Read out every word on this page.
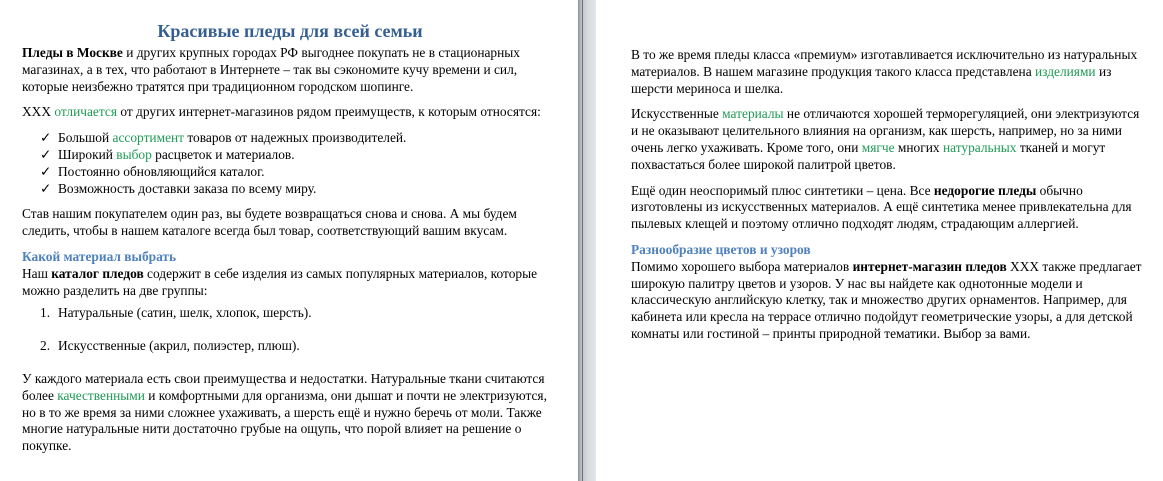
Красивые пледы для всей семьи

Пледы в Москве и других крупных городах РФ выгоднее покупать не в стационарных магазинах, а в тех, что работают в Интернете – так вы сэкономите кучу времени и сил, которые неизбежно тратятся при традиционном городском шопинге.

ХХХ отличается от других интернет-магазинов рядом преимуществ, к которым относятся:

✓ Большой ассортимент товаров от надежных производителей.
✓ Широкий выбор расцветок и материалов.
✓ Постоянно обновляющийся каталог.
✓ Возможность доставки заказа по всему миру.

Став нашим покупателем один раз, вы будете возвращаться снова и снова. А мы будем следить, чтобы в нашем каталоге всегда был товар, соответствующий вашим вкусам.

Какой материал выбрать

Наш каталог пледов содержит в себе изделия из самых популярных материалов, которые можно разделить на две группы:

1. Натуральные (сатин, шелк, хлопок, шерсть).
2. Искусственные (акрил, полиэстер, плюш).

У каждого материала есть свои преимущества и недостатки. Натуральные ткани считаются более качественными и комфортными для организма, они дышат и почти не электризуются, но в то же время за ними сложнее ухаживать, а шерсть ещё и нужно беречь от моли. Также многие натуральные нити достаточно грубые на ощупь, что порой влияет на решение о покупке.

В то же время пледы класса «премиум» изготавливается исключительно из натуральных материалов. В нашем магазине продукция такого класса представлена изделиями из шерсти мериноса и шелка.

Искусственные материалы не отличаются хорошей терморегуляцией, они электризуются и не оказывают целительного влияния на организм, как шерсть, например, но за ними очень легко ухаживать. Кроме того, они мягче многих натуральных тканей и могут похвастаться более широкой палитрой цветов.

Ещё один неоспоримый плюс синтетики – цена. Все недорогие пледы обычно изготовлены из искусственных материалов. А ещё синтетика менее привлекательна для пылевых клещей и поэтому отлично подходят людям, страдающим аллергией.

Разнообразие цветов и узоров

Помимо хорошего выбора материалов интернет-магазин пледов ХХХ также предлагает широкую палитру цветов и узоров. У нас вы найдете как однотонные модели и классическую английскую клетку, так и множество других орнаментов. Например, для кабинета или кресла на террасе отлично подойдут геометрические узоры, а для детской комнаты или гостиной – принты природной тематики. Выбор за вами.
